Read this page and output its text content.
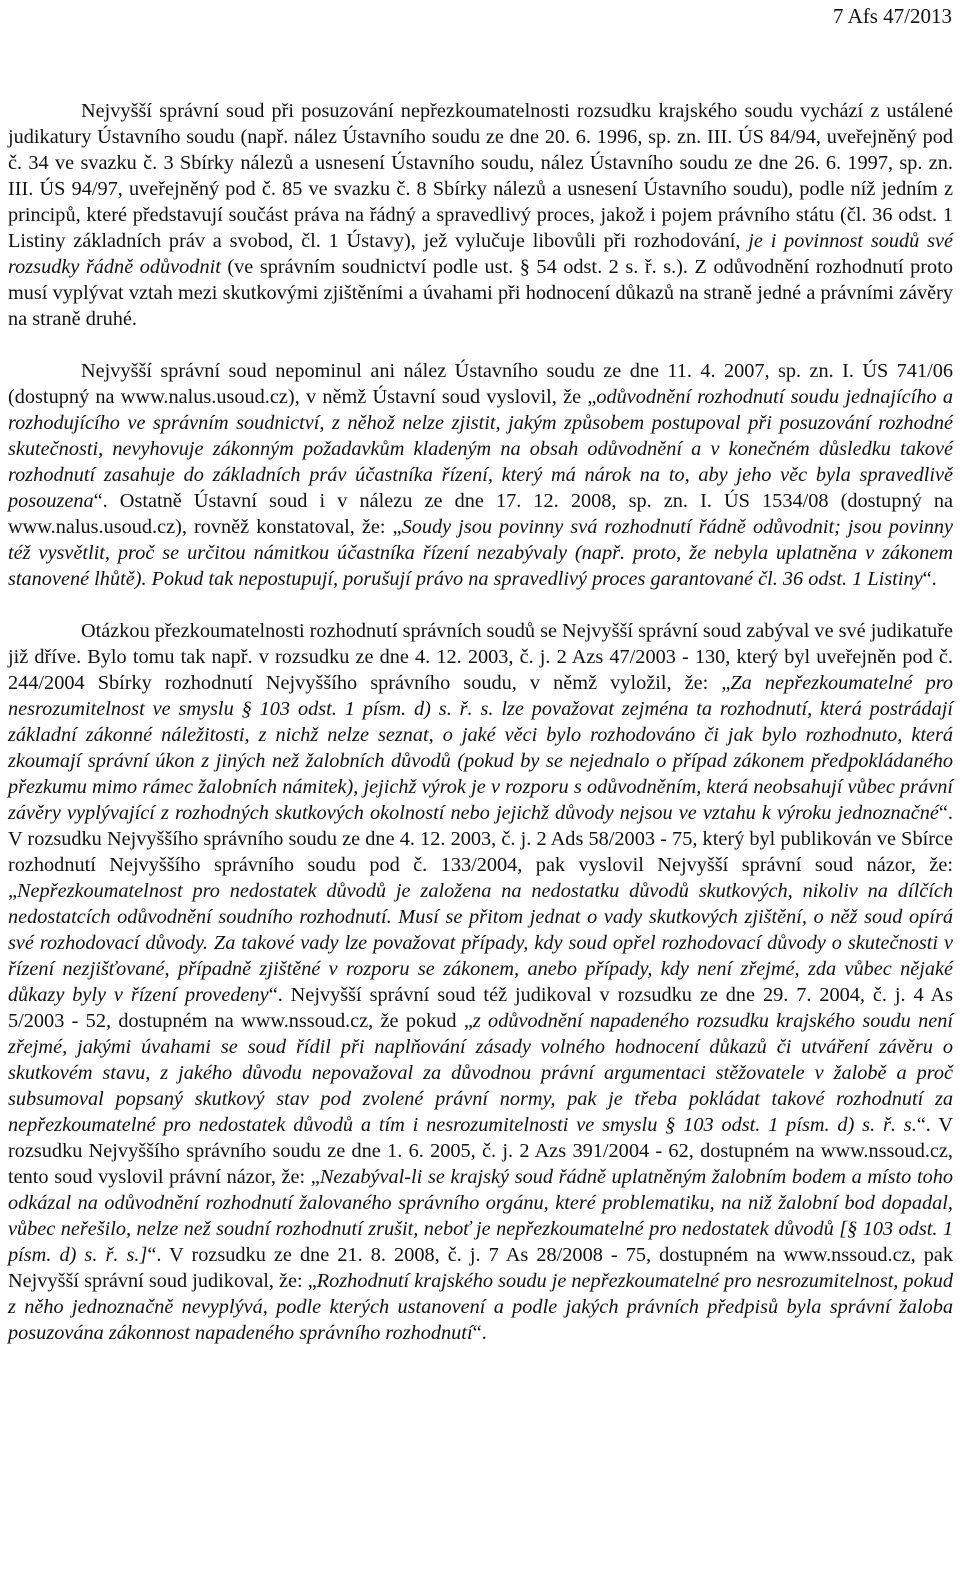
7 Afs 47/2013

Nejvyšší správní soud při posuzování nepřezkoumatelnosti rozsudku krajského soudu vychází z ustálené judikatury Ústavního soudu (např. nález Ústavního soudu ze dne 20. 6. 1996, sp. zn. III. ÚS 84/94, uveřejněný pod č. 34 ve svazku č. 3 Sbírky nálezů a usnesení Ústavního soudu, nález Ústavního soudu ze dne 26. 6. 1997, sp. zn. III. ÚS 94/97, uveřejněný pod č. 85 ve svazku č. 8 Sbírky nálezů a usnesení Ústavního soudu), podle níž jedním z principů, které představují součást práva na řádný a spravedlivý proces, jakož i pojem právního státu (čl. 36 odst. 1 Listiny základních práv a svobod, čl. 1 Ústavy), jež vylučuje libovůli při rozhodování, je i povinnost soudů své rozsudky řádně odůvodnit (ve správním soudnictví podle ust. § 54 odst. 2 s. ř. s.). Z odůvodnění rozhodnutí proto musí vyplývat vztah mezi skutkovými zjištěními a úvahami při hodnocení důkazů na straně jedné a právními závěry na straně druhé.

Nejvyšší správní soud nepominul ani nález Ústavního soudu ze dne 11. 4. 2007, sp. zn. I. ÚS 741/06 (dostupný na www.nalus.usoud.cz), v němž Ústavní soud vyslovil, že „odůvodnění rozhodnutí soudu jednajícího a rozhodujícího ve správním soudnictví, z něhož nelze zjistit, jakým způsobem postupoval při posuzování rozhodné skutečnosti, nevyhovuje zákonným požadavkům kladeným na obsah odůvodnění a v konečném důsledku takové rozhodnutí zasahuje do základních práv účastníka řízení, který má nárok na to, aby jeho věc byla spravedlivě posouzena“. Ostatně Ústavní soud i v nálezu ze dne 17. 12. 2008, sp. zn. I. ÚS 1534/08 (dostupný na www.nalus.usoud.cz), rovněž konstatoval, že: „Soudy jsou povinny svá rozhodnutí řádně odůvodnit; jsou povinny též vysvětlit, proč se určitou námitkou účastníka řízení nezabývaly (např. proto, že nebyla uplatněna v zákonem stanovené lhůtě). Pokud tak nepostupují, porušují právo na spravedlivý proces garantované čl. 36 odst. 1 Listiny“.

Otázkou přezkoumatelnosti rozhodnutí správních soudů se Nejvyšší správní soud zabýval ve své judikatuře již dříve. Bylo tomu tak např. v rozsudku ze dne 4. 12. 2003, č. j. 2 Azs 47/2003 - 130, který byl uveřejněn pod č. 244/2004 Sbírky rozhodnutí Nejvyššího správního soudu, v němž vyložil, že: „Za nepřezkoumatelné pro nesrozumitelnost ve smyslu § 103 odst. 1 písm. d) s. ř. s. lze považovat zejména ta rozhodnutí, která postrádají základní zákonné náležitosti, z nichž nelze seznat, o jaké věci bylo rozhodováno či jak bylo rozhodnuto, která zkoumají správní úkon z jiných než žalobních důvodů (pokud by se nejednalo o případ zákonem předpokládaného přezkumu mimo rámec žalobních námitek), jejichž výrok je v rozporu s odůvodněním, která neobsahují vůbec právní závěry vyplývající z rozhodných skutkových okolností nebo jejichž důvody nejsou ve vztahu k výroku jednoznačné“. V rozsudku Nejvyššího správního soudu ze dne 4. 12. 2003, č. j. 2 Ads 58/2003 - 75, který byl publikován ve Sbírce rozhodnutí Nejvyššího správního soudu pod č. 133/2004, pak vyslovil Nejvyšší správní soud názor, že: „Nepřezkoumatelnost pro nedostatek důvodů je založena na nedostatku důvodů skutkových, nikoliv na dílčích nedostatcích odůvodnění soudního rozhodnutí. Musí se přitom jednat o vady skutkových zjištění, o něž soud opírá své rozhodovací důvody. Za takové vady lze považovat případy, kdy soud opřel rozhodovací důvody o skutečnosti v řízení nezjišťované, případně zjištěné v rozporu se zákonem, anebo případy, kdy není zřejmé, zda vůbec nějaké důkazy byly v řízení provedeny“. Nejvyšší správní soud též judikoval v rozsudku ze dne 29. 7. 2004, č. j. 4 As 5/2003 - 52, dostupném na www.nssoud.cz, že pokud „z odůvodnění napadeného rozsudku krajského soudu není zřejmé, jakými úvahami se soud řídil při naplňování zásady volného hodnocení důkazů či utváření závěru o skutkovém stavu, z jakého důvodu nepovažoval za důvodnou právní argumentaci stěžovatele v žalobě a proč subsumoval popsaný skutkový stav pod zvolené právní normy, pak je třeba pokládat takové rozhodnutí za nepřezkoumatelné pro nedostatek důvodů a tím i nesrozumitelnosti ve smyslu § 103 odst. 1 písm. d) s. ř. s.“. V rozsudku Nejvyššího správního soudu ze dne 1. 6. 2005, č. j. 2 Azs 391/2004 - 62, dostupném na www.nssoud.cz, tento soud vyslovil právní názor, že: „Nezabýval-li se krajský soud řádně uplatněným žalobním bodem a místo toho odkázal na odůvodnění rozhodnutí žalovaného správního orgánu, které problematiku, na niž žalobní bod dopadal, vůbec neřešilo, nelze než soudní rozhodnutí zrušit, neboť je nepřezkoumatelné pro nedostatek důvodů [§ 103 odst. 1 písm. d) s. ř. s.]“. V rozsudku ze dne 21. 8. 2008, č. j. 7 As 28/2008 - 75, dostupném na www.nssoud.cz, pak Nejvyšší správní soud judikoval, že: „Rozhodnutí krajského soudu je nepřezkoumatelné pro nesrozumitelnost, pokud z něho jednoznačně nevyplývá, podle kterých ustanovení a podle jakých právních předpisů byla správní žaloba posuzována zákonnost napadeného správního rozhodnutí“.
